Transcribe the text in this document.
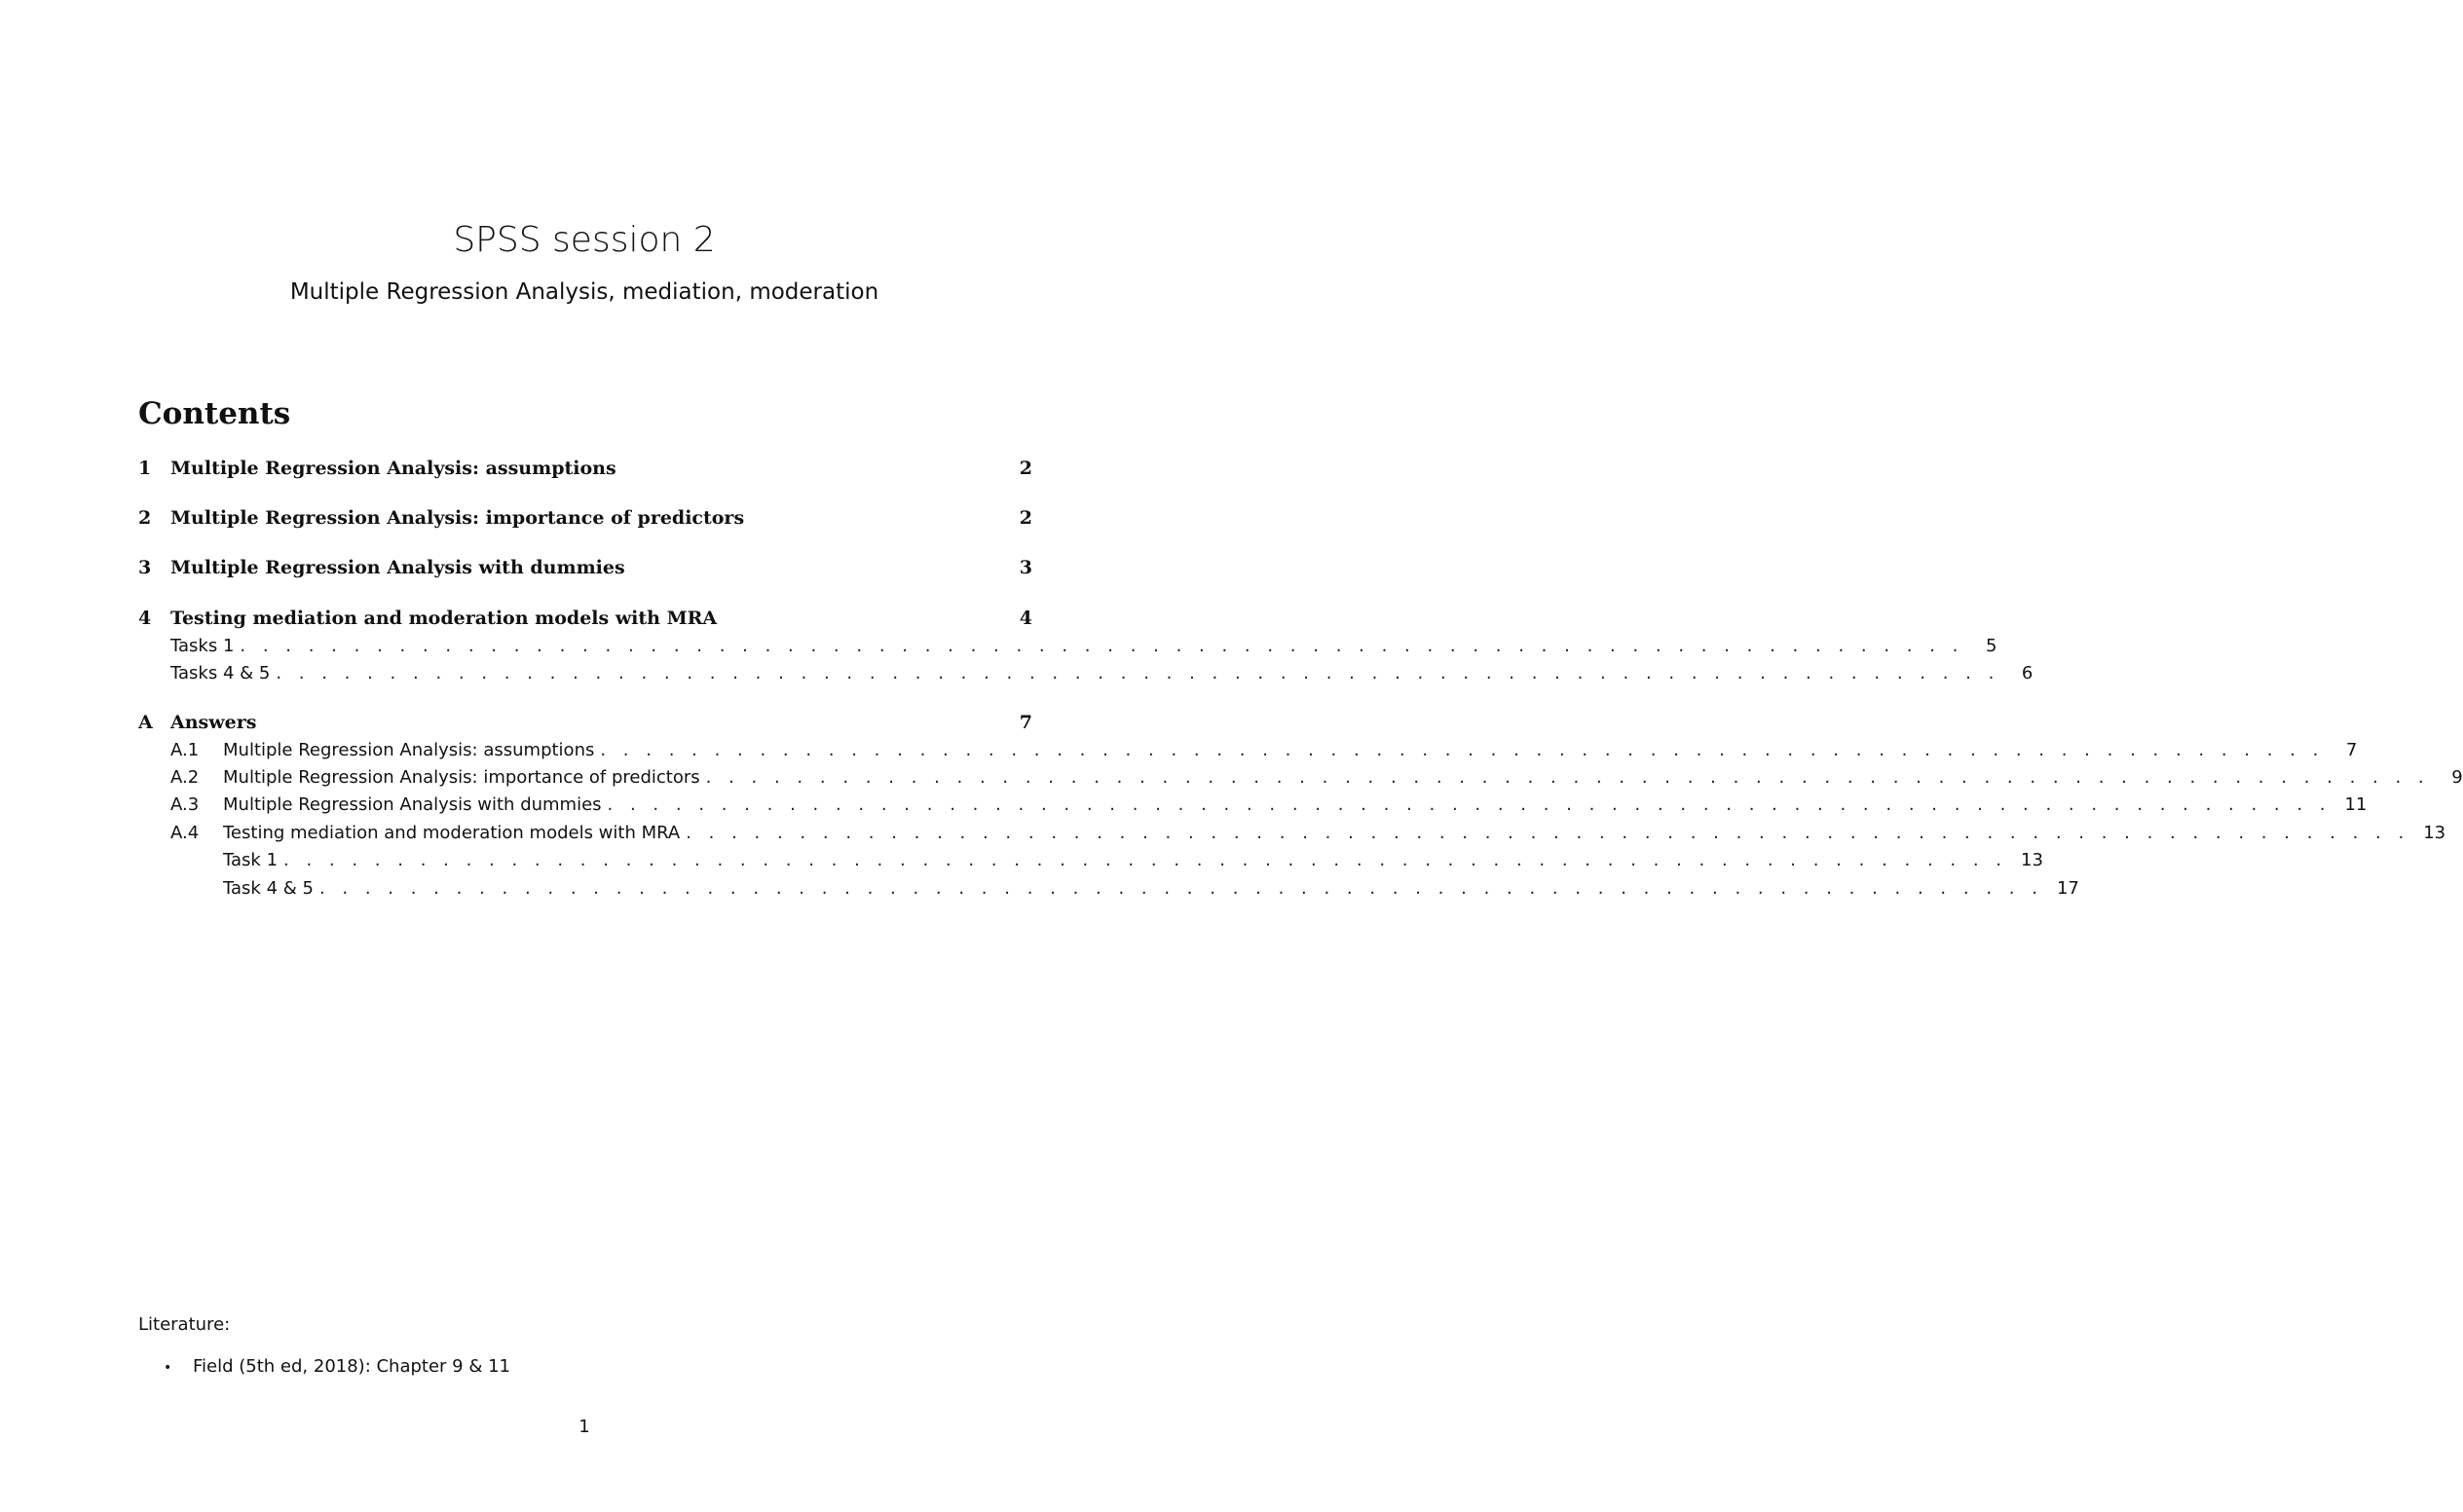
SPSS session 2
Multiple Regression Analysis, mediation, moderation
Contents
1	Multiple Regression Analysis: assumptions	2
2	Multiple Regression Analysis: importance of predictors	2
3	Multiple Regression Analysis with dummies	3
4	Testing mediation and moderation models with MRA	4
Tasks 1 . . . . . . . . . . . . . . . . . . . . . . . . . . . . . . . . . . . . . . . . . . . . . . . . . . . . . . . . . . . . . . . . . . . . . . . . . . . .	5
Tasks 4 & 5 . . . . . . . . . . . . . . . . . . . . . . . . . . . . . . . . . . . . . . . . . . . . . . . . . . . . . . . . . . . . . . . . . . . . . . . . . . . .	6
A Answers	7
A.1	Multiple Regression Analysis: assumptions . . . . . . . . . . . . . . . . . . . . . . . . . . . . . . . . . . . . . . . . . . . . . . . . . . . . . . . . . . . . . . . . . . . . . . . . . . . .	7
A.2	Multiple Regression Analysis: importance of predictors . . . . . . . . . . . . . . . . . . . . . . . . . . . . . . . . . . . . . . . . . . . . . . . . . . . . . . . . . . . . . . . . . . . . . . . . . . . .	9
A.3	Multiple Regression Analysis with dummies . . . . . . . . . . . . . . . . . . . . . . . . . . . . . . . . . . . . . . . . . . . . . . . . . . . . . . . . . . . . . . . . . . . . . . . . . . . . 11
A.4	Testing mediation and moderation models with MRA . . . . . . . . . . . . . . . . . . . . . . . . . . . . . . . . . . . . . . . . . . . . . . . . . . . . . . . . . . . . . . . . . . . . . . . . . . . . 13
Task 1 . . . . . . . . . . . . . . . . . . . . . . . . . . . . . . . . . . . . . . . . . . . . . . . . . . . . . . . . . . . . . . . . . . . . . . . . . . . . 13
Task 4 & 5 . . . . . . . . . . . . . . . . . . . . . . . . . . . . . . . . . . . . . . . . . . . . . . . . . . . . . . . . . . . . . . . . . . . . . . . . . . . . 17
Literature:
•	Field (5th ed, 2018): Chapter 9 & 11
1
